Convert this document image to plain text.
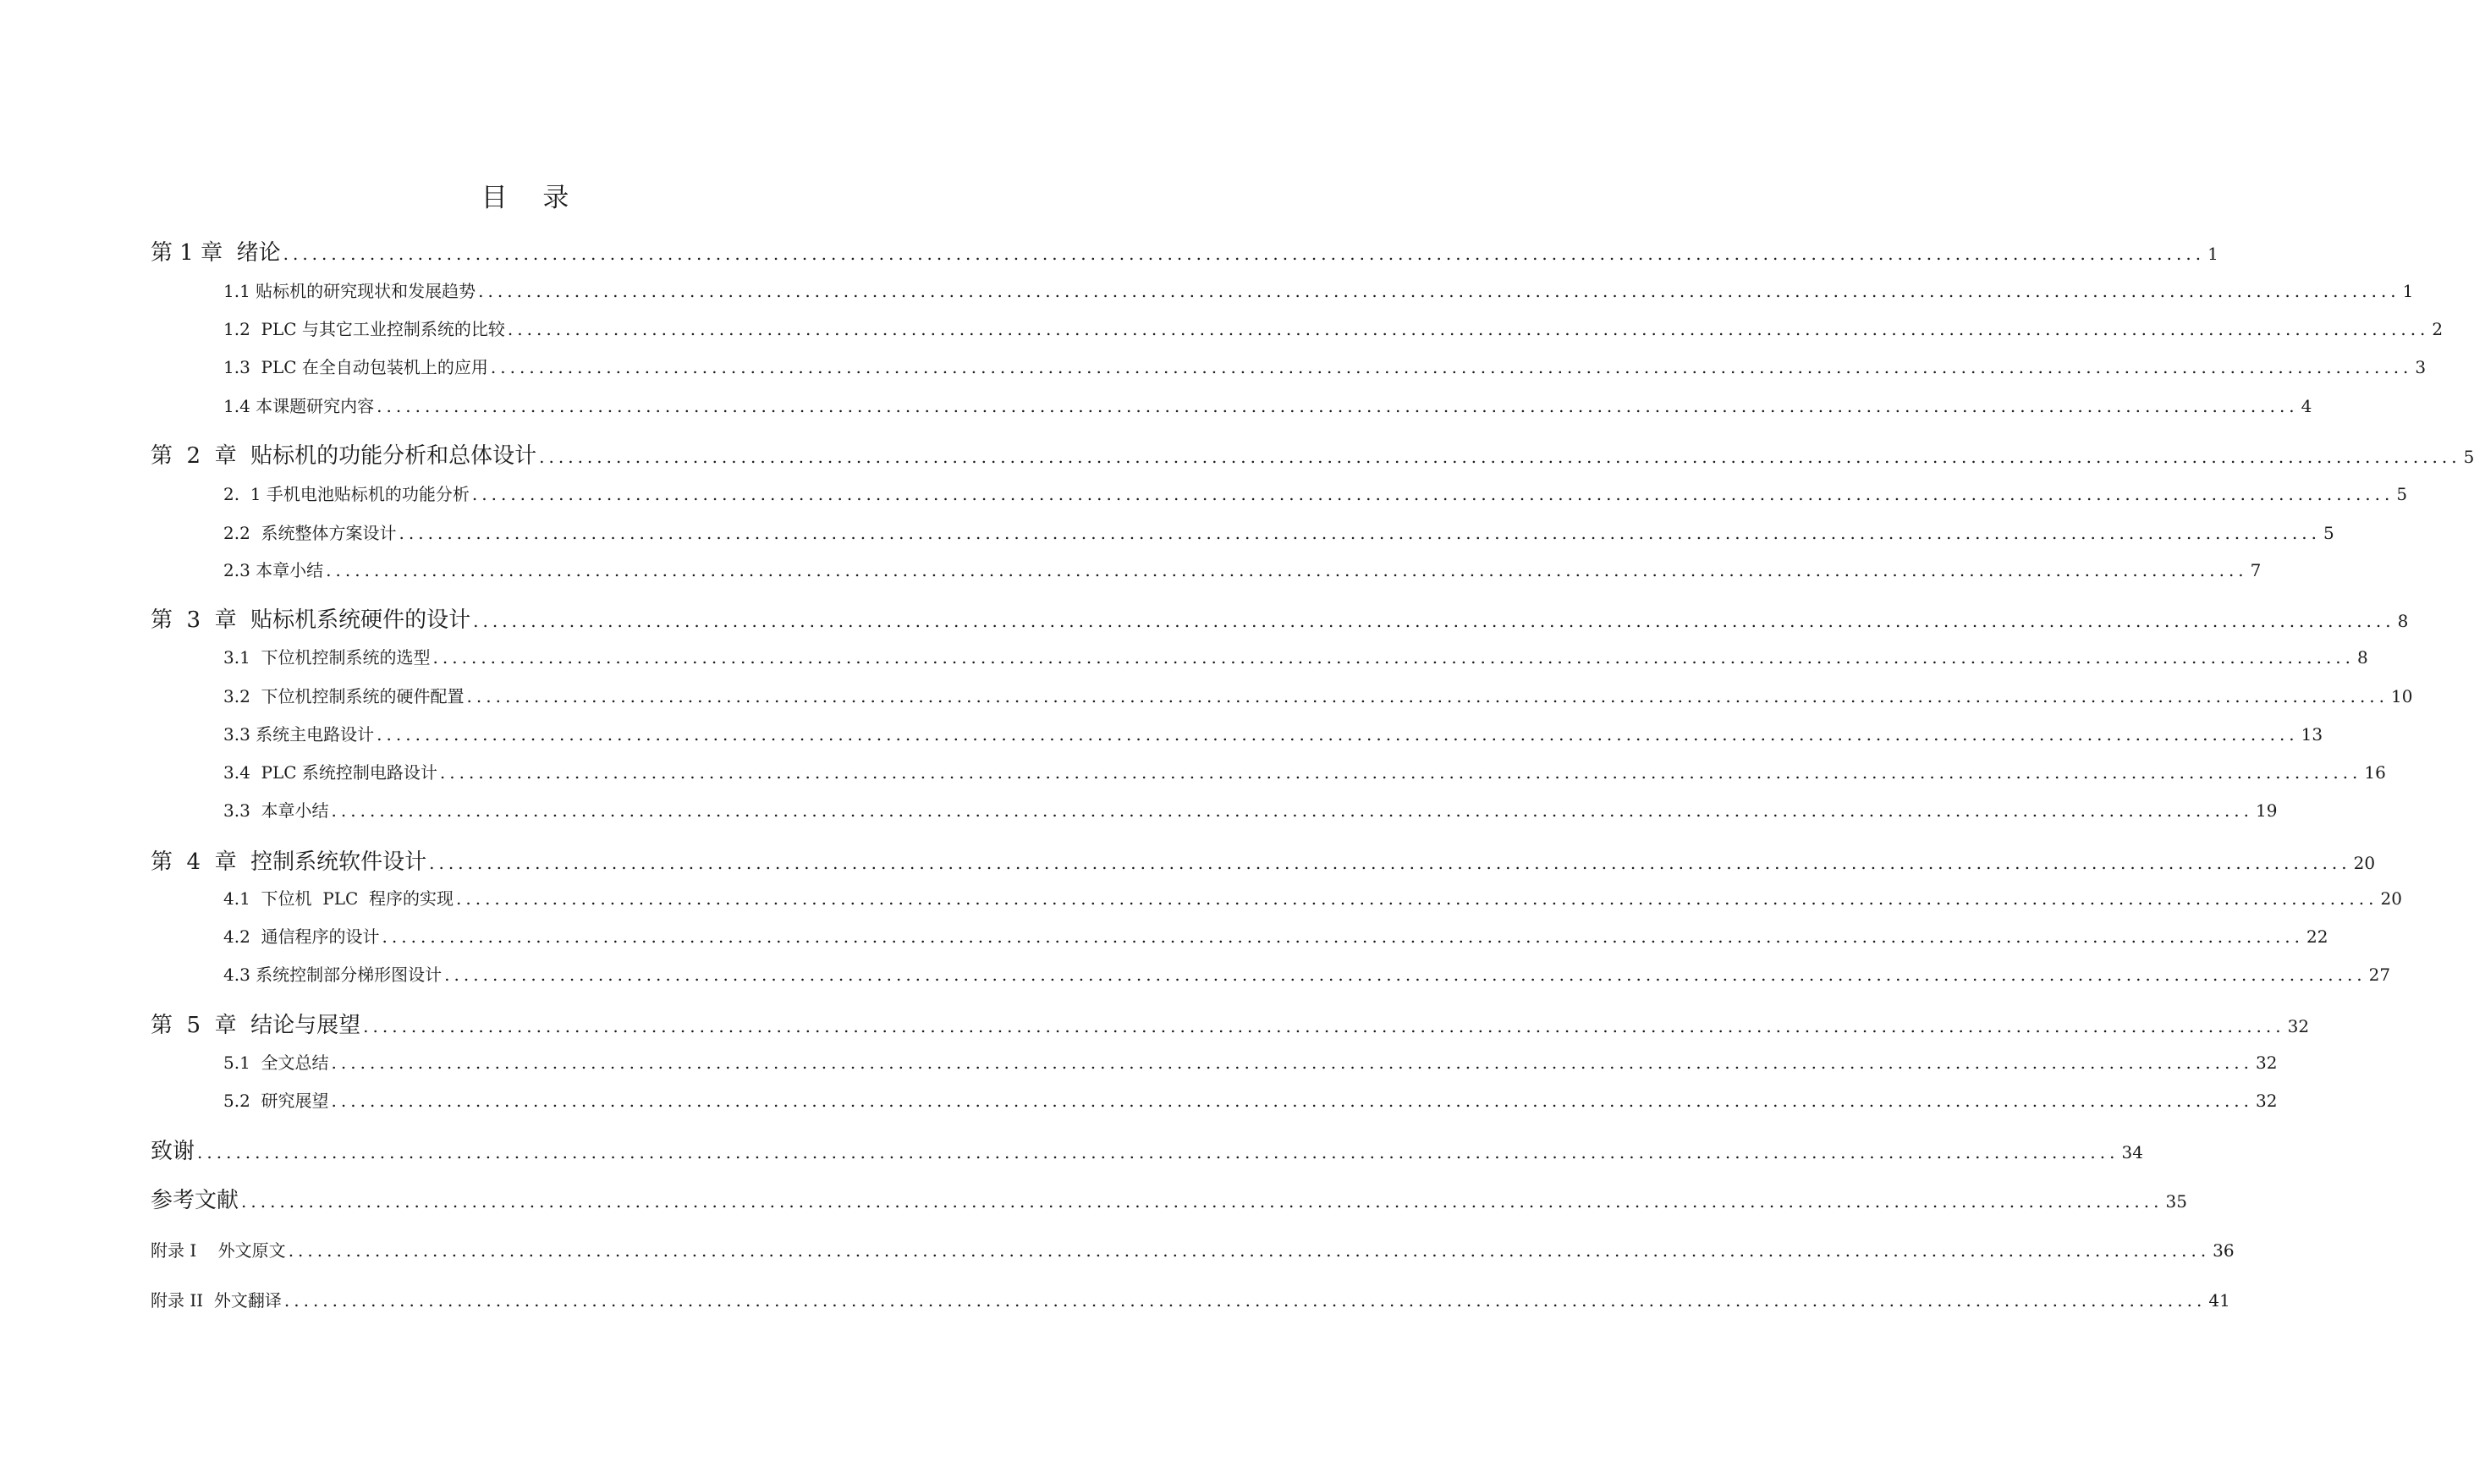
目 录
第 1 章  绪论 ........................................................................................................................................................................................................ 1
1.1 贴标机的研究现状和发展趋势 ........................................................................................................................................................................................................ 1
1.2  PLC 与其它工业控制系统的比较 ........................................................................................................................................................................................................ 2
1.3  PLC 在全自动包装机上的应用 ........................................................................................................................................................................................................ 3
1.4 本课题研究内容 ........................................................................................................................................................................................................ 4
第  2  章  贴标机的功能分析和总体设计 ........................................................................................................................................................................................................ 5
2.  1 手机电池贴标机的功能分析 ........................................................................................................................................................................................................ 5
2.2  系统整体方案设计 ........................................................................................................................................................................................................ 5
2.3 本章小结 ........................................................................................................................................................................................................ 7
第  3  章  贴标机系统硬件的设计 ........................................................................................................................................................................................................ 8
3.1  下位机控制系统的选型 ........................................................................................................................................................................................................ 8
3.2  下位机控制系统的硬件配置 ........................................................................................................................................................................................................ 10
3.3 系统主电路设计 ........................................................................................................................................................................................................ 13
3.4  PLC 系统控制电路设计 ........................................................................................................................................................................................................ 16
3.3  本章小结 ........................................................................................................................................................................................................ 19
第  4  章  控制系统软件设计 ........................................................................................................................................................................................................ 20
4.1  下位机  PLC  程序的实现 ........................................................................................................................................................................................................ 20
4.2  通信程序的设计 ........................................................................................................................................................................................................ 22
4.3 系统控制部分梯形图设计 ........................................................................................................................................................................................................ 27
第  5  章  结论与展望 ........................................................................................................................................................................................................ 32
5.1  全文总结 ........................................................................................................................................................................................................ 32
5.2  研究展望 ........................................................................................................................................................................................................ 32
致谢 ........................................................................................................................................................................................................ 34
参考文献 ........................................................................................................................................................................................................ 35
附录 I    外文原文 ........................................................................................................................................................................................................ 36
附录 II  外文翻译 ........................................................................................................................................................................................................ 41
